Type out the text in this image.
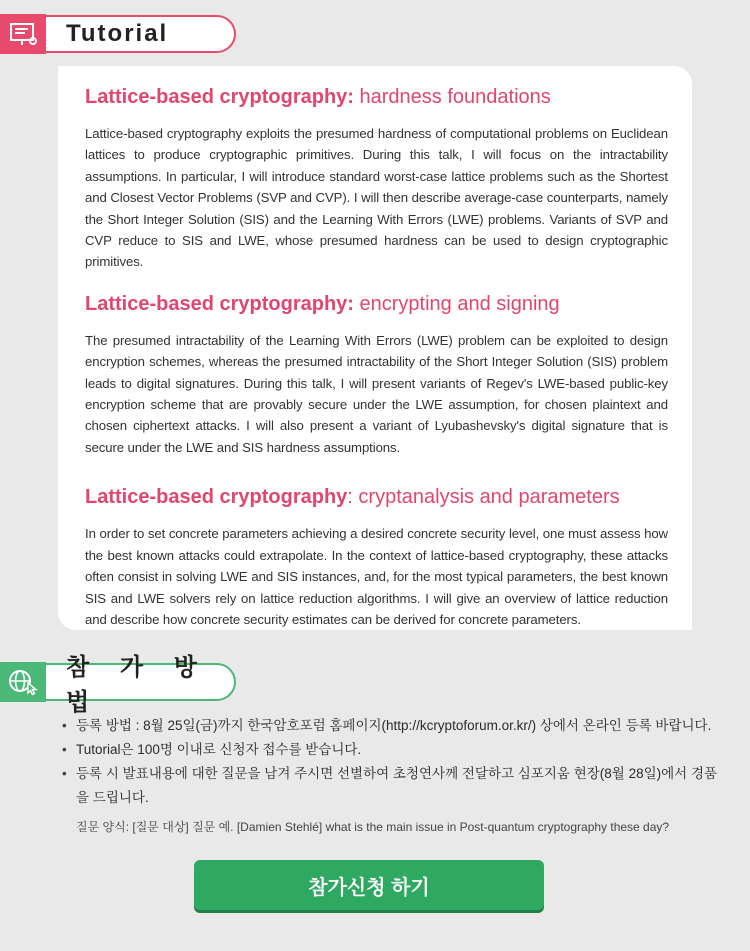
Tutorial
Lattice-based cryptography: hardness foundations

Lattice-based cryptography exploits the presumed hardness of computational problems on Euclidean lattices to produce cryptographic primitives. During this talk, I will focus on the intractability assumptions. In particular, I will introduce standard worst-case lattice problems such as the Shortest and Closest Vector Problems (SVP and CVP). I will then describe average-case counterparts, namely the Short Integer Solution (SIS) and the Learning With Errors (LWE) problems. Variants of SVP and CVP reduce to SIS and LWE, whose presumed hardness can be used to design cryptographic primitives.

Lattice-based cryptography: encrypting and signing

The presumed intractability of the Learning With Errors (LWE) problem can be exploited to design encryption schemes, whereas the presumed intractability of the Short Integer Solution (SIS) problem leads to digital signatures. During this talk, I will present variants of Regev's LWE-based public-key encryption scheme that are provably secure under the LWE assumption, for chosen plaintext and chosen ciphertext attacks. I will also present a variant of Lyubashevsky's digital signature that is secure under the LWE and SIS hardness assumptions.

Lattice-based cryptography: cryptanalysis and parameters

In order to set concrete parameters achieving a desired concrete security level, one must assess how the best known attacks could extrapolate. In the context of lattice-based cryptography, these attacks often consist in solving LWE and SIS instances, and, for the most typical parameters, the best known SIS and LWE solvers rely on lattice reduction algorithms. I will give an overview of lattice reduction and describe how concrete security estimates can be derived for concrete parameters.

참 가 방 법
• 등록 방법 : 8월 25일(금)까지 한국암호포럼 홈페이지(http://kcryptoforum.or.kr/) 상에서 온라인 등록 바랍니다.
• Tutorial은 100명 이내로 신청자 접수를 받습니다.
• 등록 시 발표내용에 대한 질문을 남겨 주시면 선별하여 초청연사께 전달하고 심포지움 현장(8월 28일)에서 경품을 드립니다.
질문 양식: [질문 대상] 질문 예. [Damien Stehlé] what is the main issue in Post-quantum cryptography these day?
참가신청 하기
